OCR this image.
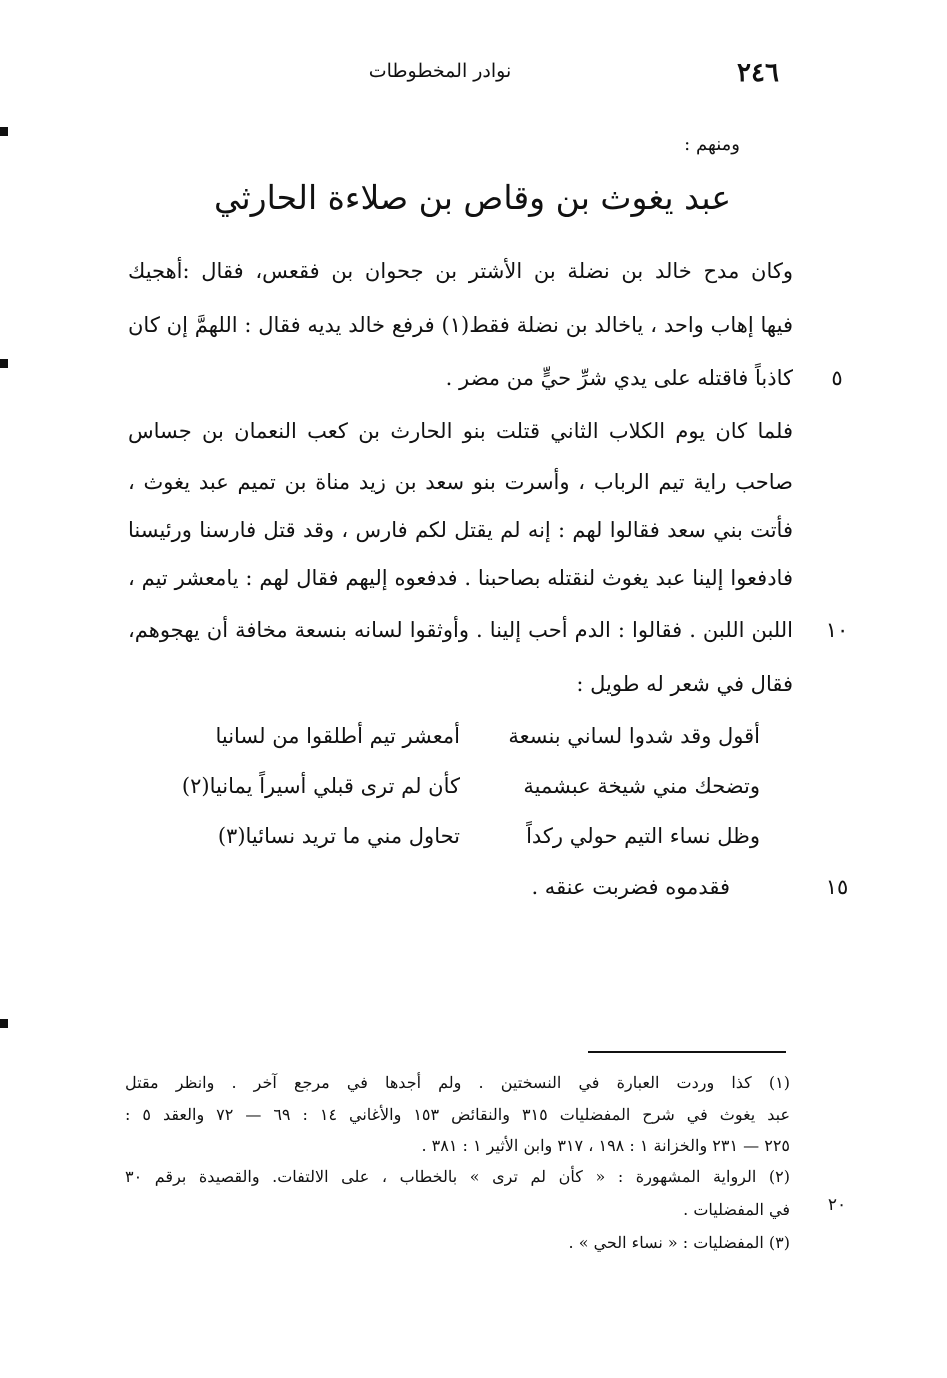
٢٤٦
نوادر المخطوطات
ومنهم :
عبد يغوث بن وقاص بن صلاءة الحارثي
وكان مدح خالد بن نضلة بن الأشتر بن جحوان بن فقعس، فقال :أهجيك
فيها إهاب واحد ، ياخالد بن نضلة فقط(١) فرفع خالد يديه فقال : اللهمَّ إن كان
كاذباً فاقتله على يدي شرِّ حيٍّ من مضر .	٥
فلما كان يوم الكلاب الثاني قتلت بنو الحارث بن كعب النعمان بن جساس
صاحب راية تيم الرباب ، وأسرت بنو سعد بن زيد مناة بن تميم عبد يغوث ،
فأتت بني سعد فقالوا لهم : إنه لم يقتل لكم فارس ، وقد قتل فارسنا ورئيسنا
فادفعوا إلينا عبد يغوث لنقتله بصاحبنا . فدفعوه إليهم فقال لهم : يامعشر تيم ،
اللبن اللبن . فقالوا : الدم أحب إلينا . وأوثقوا لسانه بنسعة مخافة أن يهجوهم،	١٠
فقال في شعر له طويل :
أقول وقد شدوا لساني بنسعة
أمعشر تيم أطلقوا من لسانيا
وتضحك مني شيخة عبشمية
كأن لم ترى قبلي أسيراً يمانيا(٢)
وظل نساء التيم حولي ركداً
تحاول مني ما تريد نسائيا(٣)
فقدموه فضربت عنقه .	١٥
(١) كذا وردت العبارة في النسختين . ولم أجدها في مرجع آخر . وانظر مقتل
عبد يغوث في شرح المفضليات ٣١٥ والنقائض ١٥٣ والأغاني ١٤ : ٦٩ — ٧٢ والعقد ٥ :
٢٢٥ — ٢٣١ والخزانة ١ : ١٩٨ ، ٣١٧ وابن الأثير ١ : ٣٨١ .
(٢) الرواية المشهورة : « كأن لم ترى » بالخطاب ، على الالتفات. والقصيدة برقم ٣٠
في المفضليات .	٢٠
(٣) المفضليات : « نساء الحي » .
